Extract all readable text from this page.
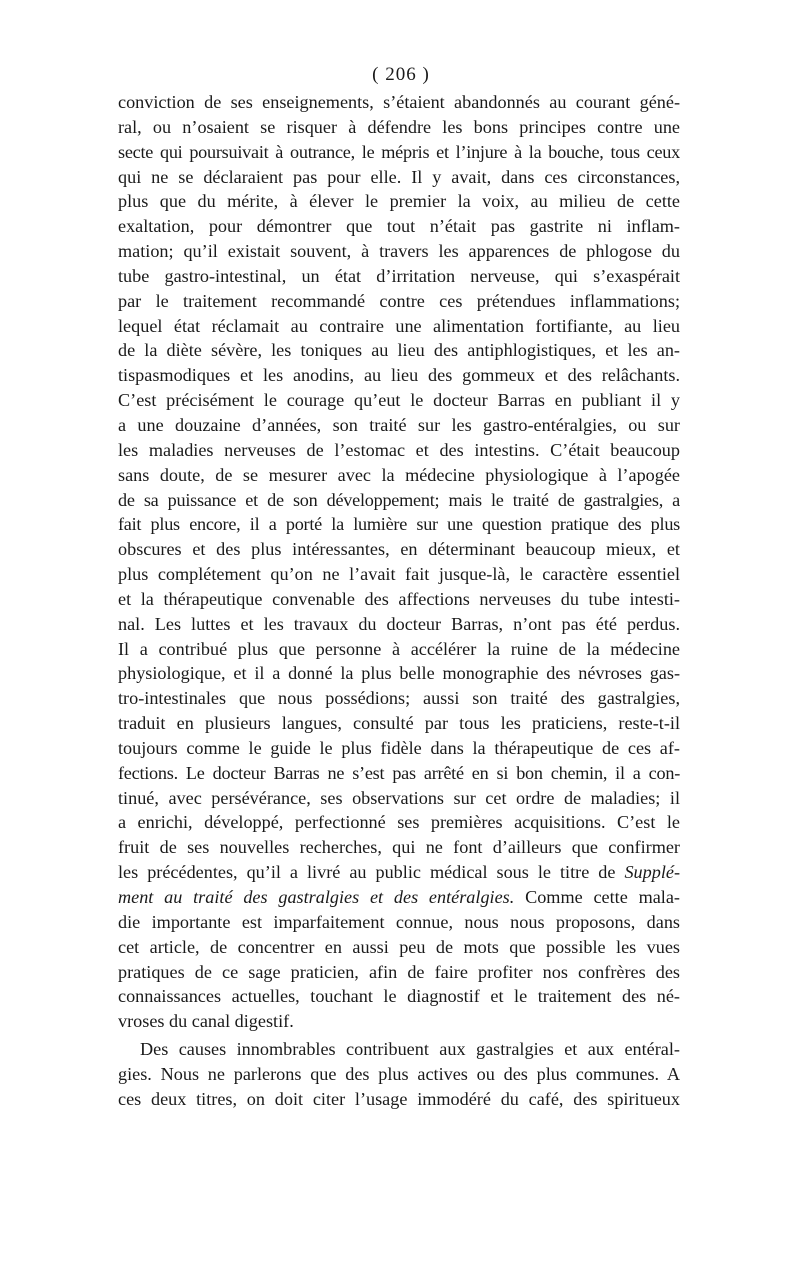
( 206 )
conviction de ses enseignements, s’étaient abandonnés au courant géné-
ral, ou n’osaient se risquer à défendre les bons principes contre une
secte qui poursuivait à outrance, le mépris et l’injure à la bouche, tous ceux
qui ne se déclaraient pas pour elle. Il y avait, dans ces circonstances,
plus que du mérite, à élever le premier la voix, au milieu de cette
exaltation, pour démontrer que tout n’était pas gastrite ni inflam-
mation; qu’il existait souvent, à travers les apparences de phlogose du
tube gastro-intestinal, un état d’irritation nerveuse, qui s’exaspérait
par le traitement recommandé contre ces prétendues inflammations;
lequel état réclamait au contraire une alimentation fortifiante, au lieu
de la diète sévère, les toniques au lieu des antiphlogistiques, et les an-
tispasmodiques et les anodins, au lieu des gommeux et des relâchants.
C’est précisément le courage qu’eut le docteur Barras en publiant il y
a une douzaine d’années, son traité sur les gastro-entéralgies, ou sur
les maladies nerveuses de l’estomac et des intestins. C’était beaucoup
sans doute, de se mesurer avec la médecine physiologique à l’apogée
de sa puissance et de son développement; mais le traité de gastralgies, a
fait plus encore, il a porté la lumière sur une question pratique des plus
obscures et des plus intéressantes, en déterminant beaucoup mieux, et
plus complétement qu’on ne l’avait fait jusque-là, le caractère essentiel
et la thérapeutique convenable des affections nerveuses du tube intesti-
nal. Les luttes et les travaux du docteur Barras, n’ont pas été perdus.
Il a contribué plus que personne à accélérer la ruine de la médecine
physiologique, et il a donné la plus belle monographie des névroses gas-
tro-intestinales que nous possédions; aussi son traité des gastralgies,
traduit en plusieurs langues, consulté par tous les praticiens, reste-t-il
toujours comme le guide le plus fidèle dans la thérapeutique de ces af-
fections. Le docteur Barras ne s’est pas arrêté en si bon chemin, il a con-
tinué, avec persévérance, ses observations sur cet ordre de maladies; il
a enrichi, développé, perfectionné ses premières acquisitions. C’est le
fruit de ses nouvelles recherches, qui ne font d’ailleurs que confirmer
les précédentes, qu’il a livré au public médical sous le titre de Supplé-
ment au traité des gastralgies et des entéralgies. Comme cette mala-
die importante est imparfaitement connue, nous nous proposons, dans
cet article, de concentrer en aussi peu de mots que possible les vues
pratiques de ce sage praticien, afin de faire profiter nos confrères des
connaissances actuelles, touchant le diagnostif et le traitement des né-
vroses du canal digestif.
Des causes innombrables contribuent aux gastralgies et aux entéral-
gies. Nous ne parlerons que des plus actives ou des plus communes. A
ces deux titres, on doit citer l’usage immodéré du café, des spiritueux
